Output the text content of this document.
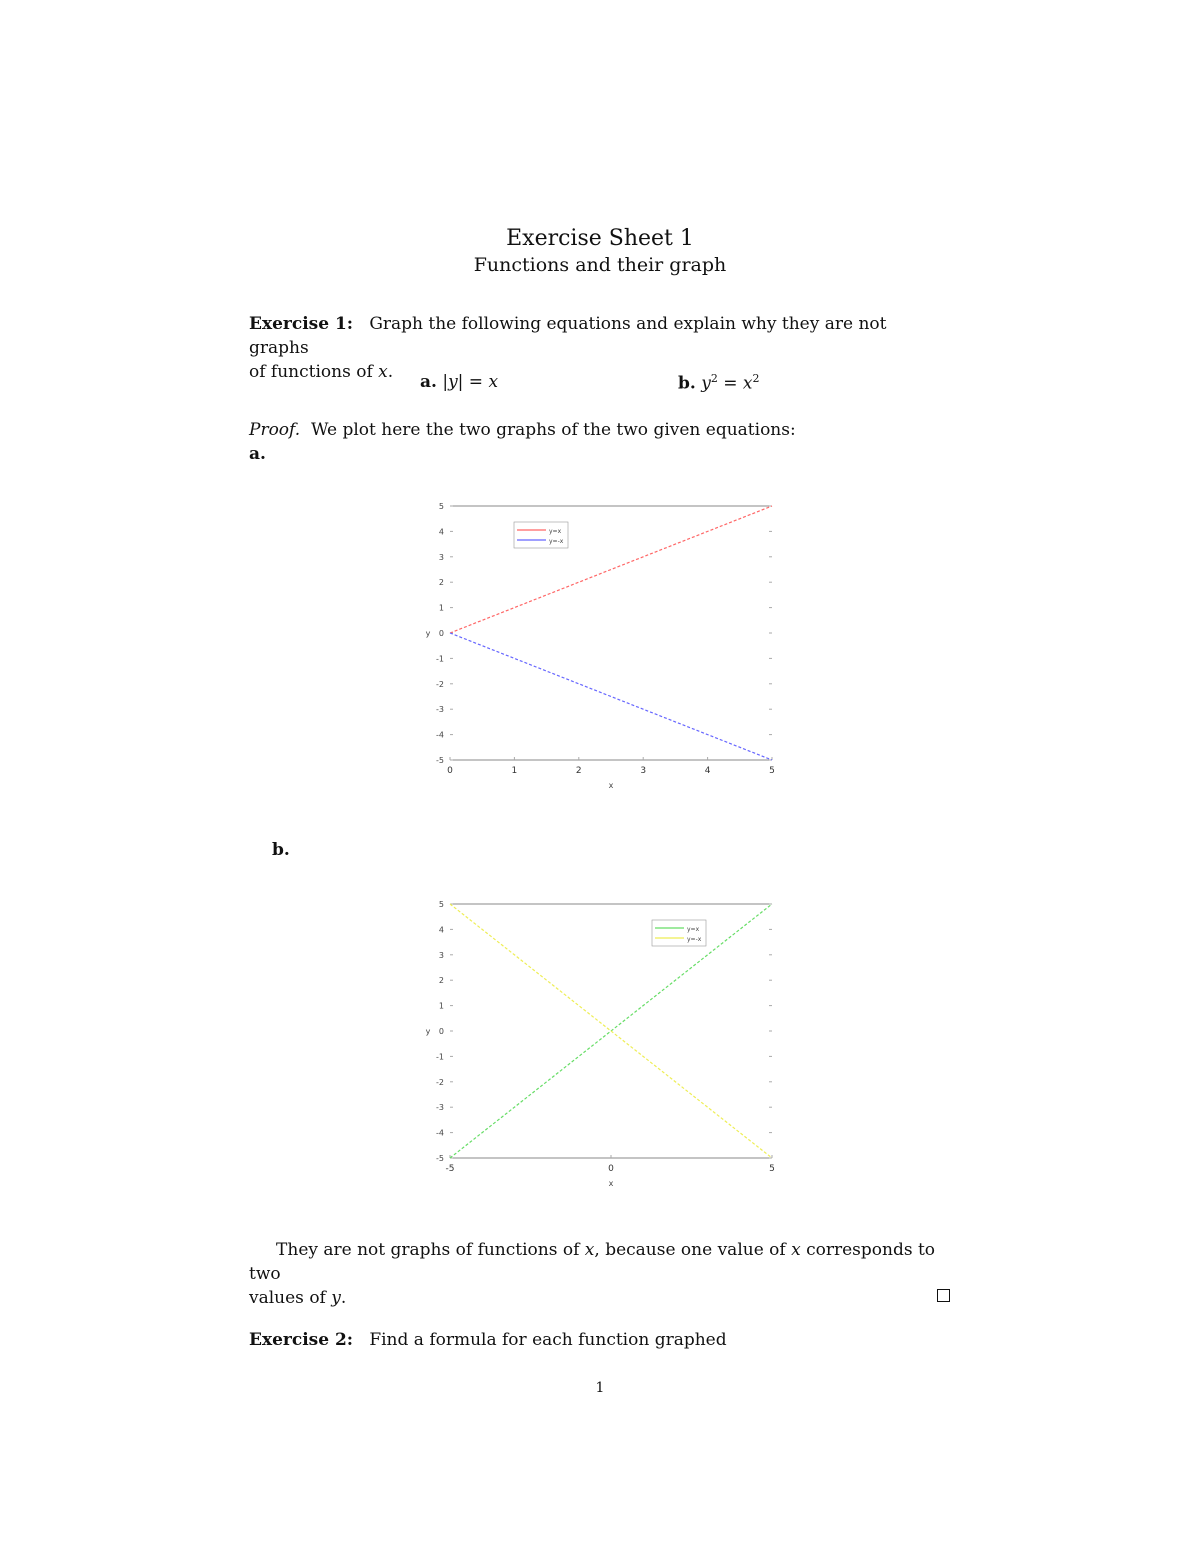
Exercise Sheet 1
Functions and their graph
Exercise 1: Graph the following equations and explain why they are not graphs
of functions of x.	a. |y| = x	b. $y^2 = x^2$
Proof. We plot here the two graphs of the two given equations:
a.
-5
-4
-3
-2
-1
0
1
2
3
4
5
0	1	2	3	4	5
x
y
y=x
y=-x
b.
-5
-4
-3
-2
-1
0
1
2
3
4
5
-5	0	5
x
y
y=x
y=-x
They are not graphs of functions of x, because one value of x corresponds to two
values of y.
Exercise 2: Find a formula for each function graphed
1
